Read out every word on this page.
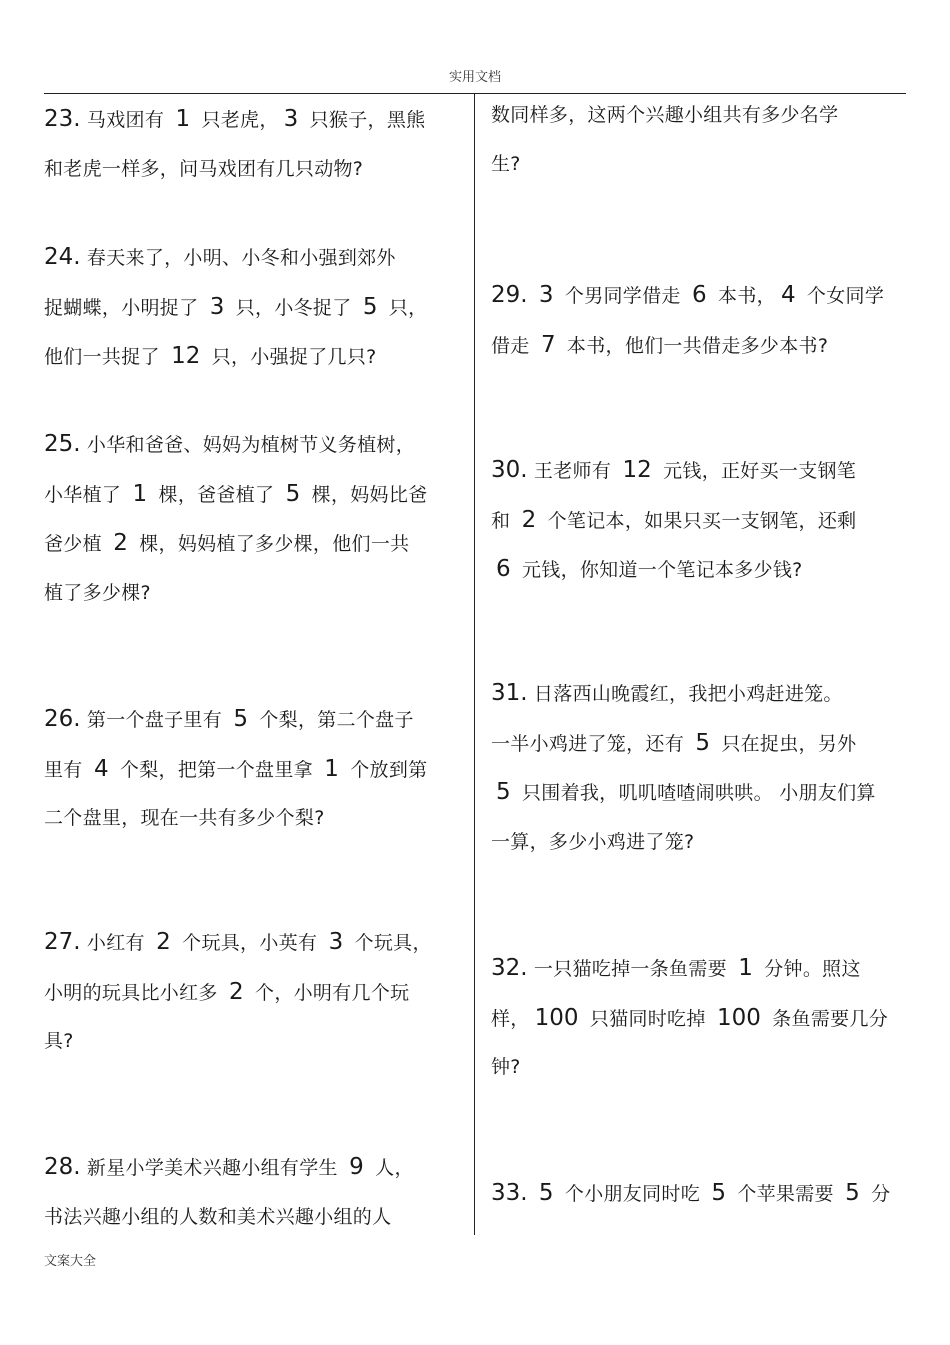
实用文档
23. 马戏团有 1 只老虎， 3 只猴子，黑熊
和老虎一样多，问马戏团有几只动物?
24. 春天来了，小明、小冬和小强到郊外
捉蝴蝶，小明捉了 3 只，小冬捉了 5 只，
他们一共捉了 12 只，小强捉了几只?
25. 小华和爸爸、妈妈为植树节义务植树，
小华植了 1 棵，爸爸植了 5 棵，妈妈比爸
爸少植 2 棵，妈妈植了多少棵，他们一共
植了多少棵?
26. 第一个盘子里有 5 个梨，第二个盘子
里有 4 个梨，把第一个盘里拿 1 个放到第
二个盘里，现在一共有多少个梨?
27. 小红有 2 个玩具，小英有 3 个玩具，
小明的玩具比小红多 2 个，小明有几个玩
具?
28. 新星小学美术兴趣小组有学生 9 人，
书法兴趣小组的人数和美术兴趣小组的人
数同样多，这两个兴趣小组共有多少名学
生?
29. 3 个男同学借走 6 本书， 4 个女同学
借走 7 本书，他们一共借走多少本书?
30. 王老师有 12 元钱，正好买一支钢笔
和 2 个笔记本，如果只买一支钢笔，还剩
6 元钱，你知道一个笔记本多少钱?
31. 日落西山晚霞红，我把小鸡赶进笼。
一半小鸡进了笼，还有 5 只在捉虫，另外
5 只围着我，叽叽喳喳闹哄哄。 小朋友们算
一算，多少小鸡进了笼?
32. 一只猫吃掉一条鱼需要 1 分钟。照这
样， 100 只猫同时吃掉 100 条鱼需要几分
钟?
33. 5 个小朋友同时吃 5 个苹果需要 5 分
文案大全
